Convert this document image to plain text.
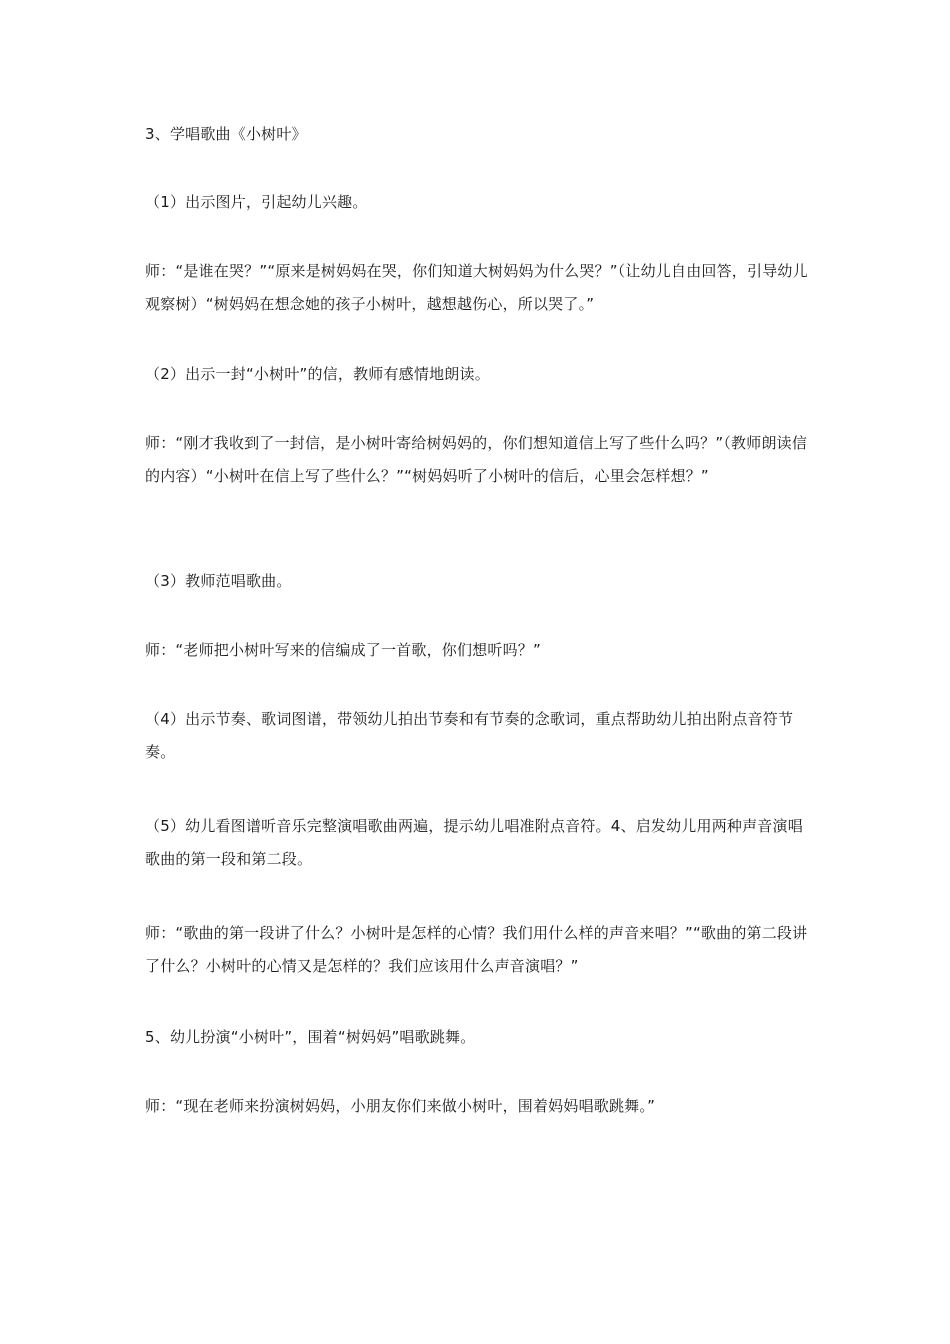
3、学唱歌曲《小树叶》

（1）出示图片，引起幼儿兴趣。

师：“是谁在哭？”“原来是树妈妈在哭，你们知道大树妈妈为什么哭？”（让幼儿自由回答，引导幼儿观察树）“树妈妈在想念她的孩子小树叶，越想越伤心，所以哭了。”

（2）出示一封“小树叶”的信，教师有感情地朗读。

师：“刚才我收到了一封信，是小树叶寄给树妈妈的，你们想知道信上写了些什么吗？”（教师朗读信的内容）“小树叶在信上写了些什么？”“树妈妈听了小树叶的信后，心里会怎样想？”

（3）教师范唱歌曲。

师：“老师把小树叶写来的信编成了一首歌，你们想听吗？”

（4）出示节奏、歌词图谱，带领幼儿拍出节奏和有节奏的念歌词，重点帮助幼儿拍出附点音符节奏。

（5）幼儿看图谱听音乐完整演唱歌曲两遍，提示幼儿唱准附点音符。4、启发幼儿用两种声音演唱歌曲的第一段和第二段。

师：“歌曲的第一段讲了什么？小树叶是怎样的心情？我们用什么样的声音来唱？”“歌曲的第二段讲了什么？小树叶的心情又是怎样的？我们应该用什么声音演唱？”

5、幼儿扮演“小树叶”，围着“树妈妈”唱歌跳舞。

师：“现在老师来扮演树妈妈，小朋友你们来做小树叶，围着妈妈唱歌跳舞。”
